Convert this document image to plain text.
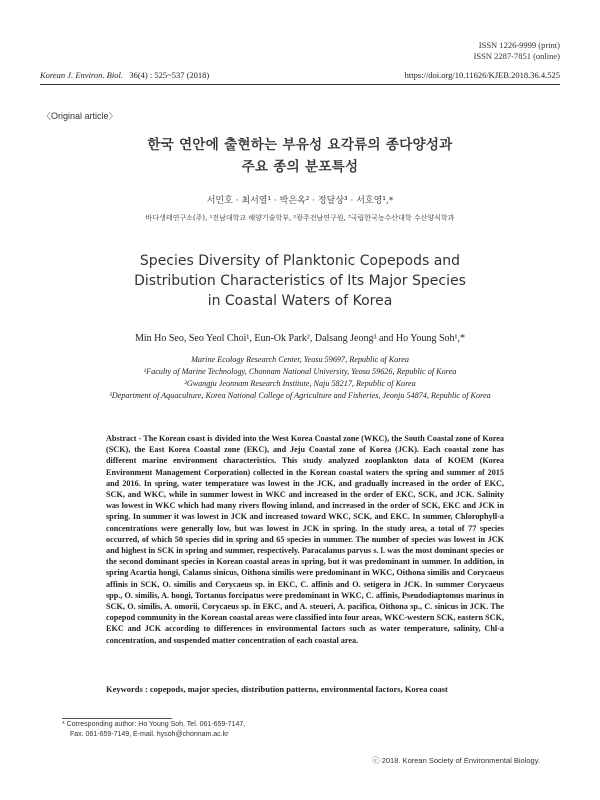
ISSN 1226-9999 (print)
ISSN 2287-7851 (online)
Korean J. Environ. Biol. 36(4) : 525~537 (2018)	https://doi.org/10.11626/KJEB.2018.36.4.525
〈Original article〉
한국 연안에 출현하는 부유성 요각류의 종다양성과
주요 종의 분포특성
서민호 · 최서열¹ · 박은옥² · 정달상³ · 서호영¹,*
바다생태연구소(주), ¹전남대학교 해양기술학부, ²광주전남연구원, ³국립한국농수산대학 수산양식학과
Species Diversity of Planktonic Copepods and
Distribution Characteristics of Its Major Species
in Coastal Waters of Korea
Min Ho Seo, Seo Yeol Choi¹, Eun-Ok Park², Dalsang Jeong³ and Ho Young Soh¹,*
Marine Ecology Research Center, Yeosu 59697, Republic of Korea
¹Faculty of Marine Technology, Chonnam National University, Yeosu 59626, Republic of Korea
²Gwangju Jeonnam Research Institute, Naju 58217, Republic of Korea
³Department of Aquaculture, Korea National College of Agriculture and Fisheries, Jeonju 54874, Republic of Korea
Abstract - The Korean coast is divided into the West Korea Coastal zone (WKC), the South Coastal zone of Korea (SCK), the East Korea Coastal zone (EKC), and Jeju Coastal zone of Korea (JCK). Each coastal zone has different marine environment characteristics. This study analyzed zooplankton data of KOEM (Korea Environment Management Corporation) collected in the Korean coastal waters the spring and summer of 2015 and 2016. In spring, water temperature was lowest in the JCK, and gradually increased in the order of EKC, SCK, and WKC, while in summer lowest in WKC and increased in the order of EKC, SCK, and JCK. Salinity was lowest in WKC which had many rivers flowing inland, and increased in the order of SCK, EKC and JCK in spring. In summer it was lowest in JCK and increased toward WKC, SCK, and EKC. In summer, Chlorophyll-a concentrations were generally low, but was lowest in JCK in spring. In the study area, a total of 77 species occurred, of which 50 species did in spring and 65 species in summer. The number of species was lowest in JCK and highest in SCK in spring and summer, respectively. Paracalanus parvus s. l. was the most dominant species or the second dominant species in Korean coastal areas in spring, but it was predominant in summer. In addition, in spring Acartia hongi, Calanus sinicus, Oithona similis were predominant in WKC, Oithona similis and Corycaeus affinis in SCK, O. similis and Corycaeus sp. in EKC, C. affinis and O. setigera in JCK. In summer Corycaeus spp., O. similis, A. hongi, Tortanus forcipatus were predominant in WKC, C. affinis, Pseudodiaptomus marinus in SCK, O. similis, A. omorii, Corycaeus sp. in EKC, and A. steueri, A. pacifica, Oithona sp., C. sinicus in JCK. The copepod community in the Korean coastal areas were classified into four areas, WKC-western SCK, eastern SCK, EKC and JCK according to differences in environmental factors such as water temperature, salinity, Chl-a concentration, and suspended matter concentration of each coastal area.
Keywords : copepods, major species, distribution patterns, environmental factors, Korea coast
* Corresponding author: Ho Young Soh, Tel. 061-659-7147,
Fax. 061-659-7149, E-mail. hysoh@chonnam.ac.kr
ⓒ 2018. Korean Society of Environmental Biology.
